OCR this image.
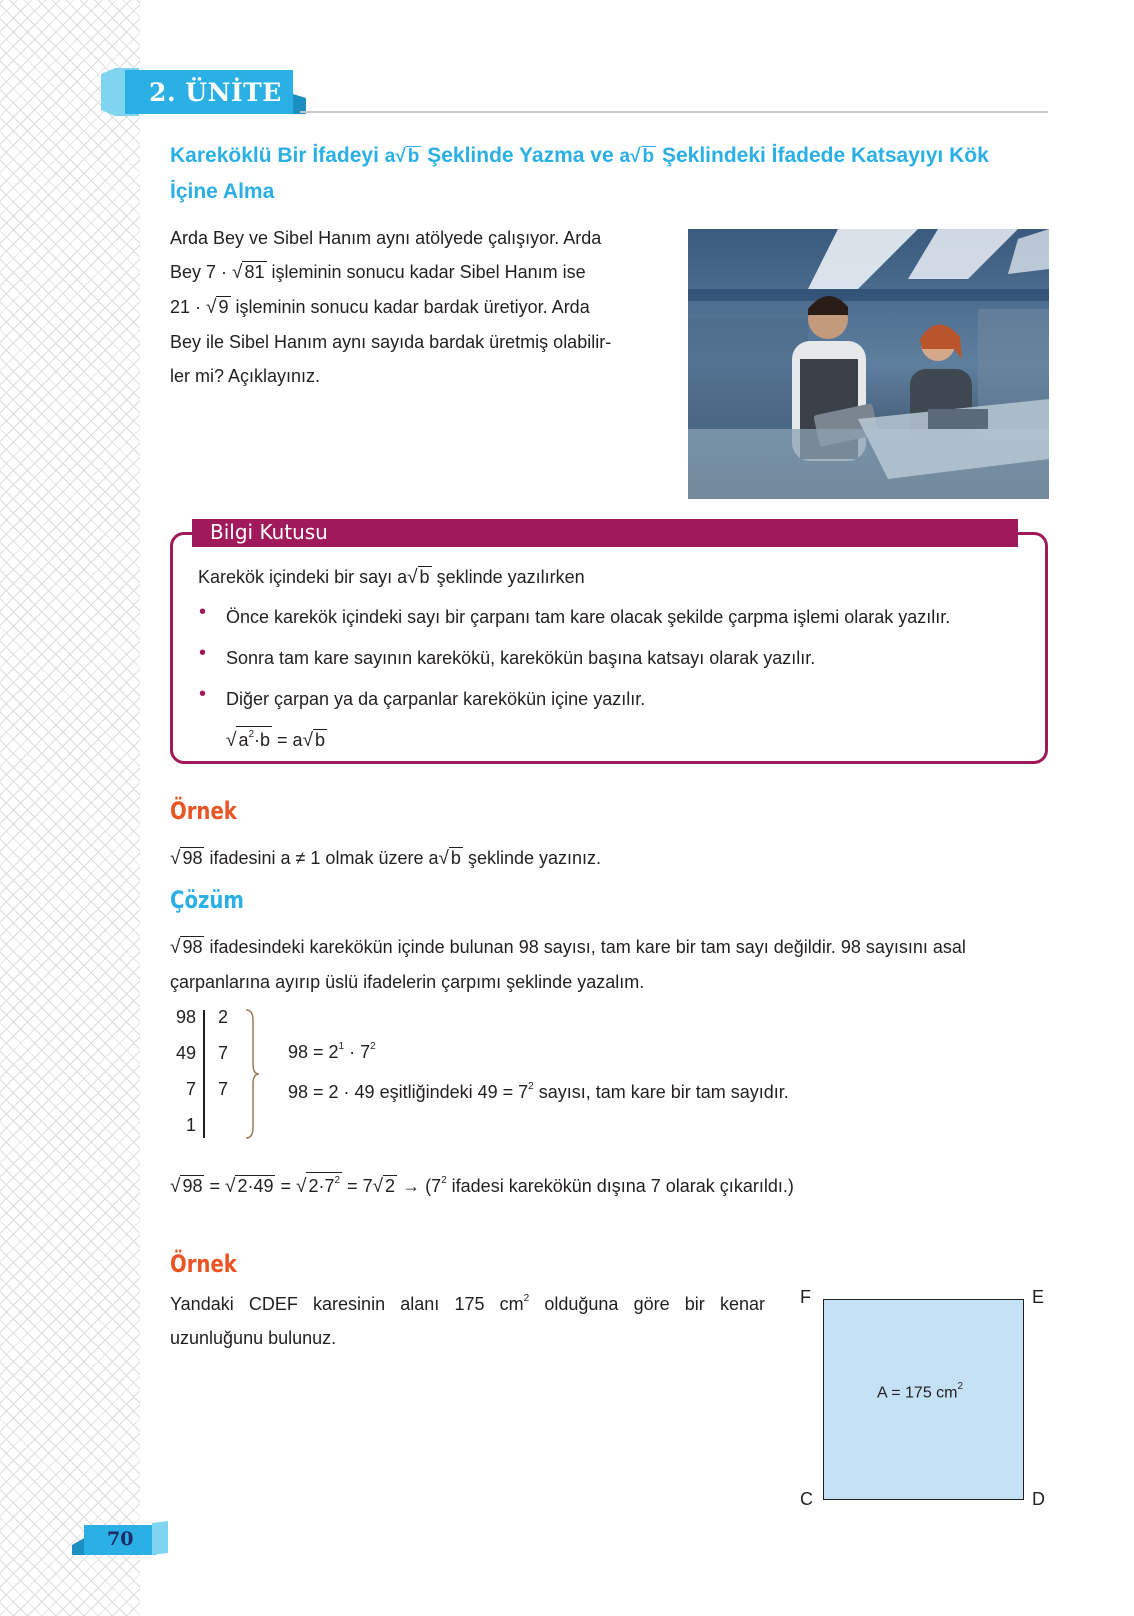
2. ÜNİTE
Kareköklü Bir İfadeyi a√ b Şeklinde Yazma ve a√ b Şeklindeki İfadede Katsayıyı Kök
İçine Alma
Arda Bey ve Sibel Hanım aynı atölyede çalışıyor. Arda
Bey 7 · √ 81 işleminin sonucu kadar Sibel Hanım ise
21 · √ 9 işleminin sonucu kadar bardak üretiyor. Arda
Bey ile Sibel Hanım aynı sayıda bardak üretmiş olabilir-
ler mi? Açıklayınız.
Bilgi Kutusu
Karekök içindeki bir sayı a√ b şeklinde yazılırken
• Önce karekök içindeki sayı bir çarpanı tam kare olacak şekilde çarpma işlemi olarak yazılır.
• Sonra tam kare sayının karekökü, karekökün başına katsayı olarak yazılır.
• Diğer çarpan ya da çarpanlar karekökün içine yazılır.
√ $a^2\cdot b = a√$ b
Örnek
√ 98 ifadesini a ≠ 1 olmak üzere a√ b şeklinde yazınız.
Çözüm
√ 98 ifadesindeki karekökün içinde bulunan 98 sayısı, tam kare bir tam sayı değildir. 98 sayısını asal
çarpanlarına ayırıp üslü ifadelerin çarpımı şeklinde yazalım.
98
49
7
1
2
7
7
$98 = 2^1 \cdot 7^2$
98 = 2 · 49 eşitliğindeki $49 = 7^2$ sayısı, tam kare bir tam sayıdır.
√ 98 = √ 2·49 = √ $2\cdot 7^2 = 7√$ $2 \to (7^2$ ifadesi karekökün dışına 7 olarak çıkarıldı.)
Örnek
Yandaki CDEF karesinin alanı 175 $cm^2$ olduğuna göre bir kenar
uzunluğunu bulunuz.
F	E
C	D
A = 175 $cm^2$
70
